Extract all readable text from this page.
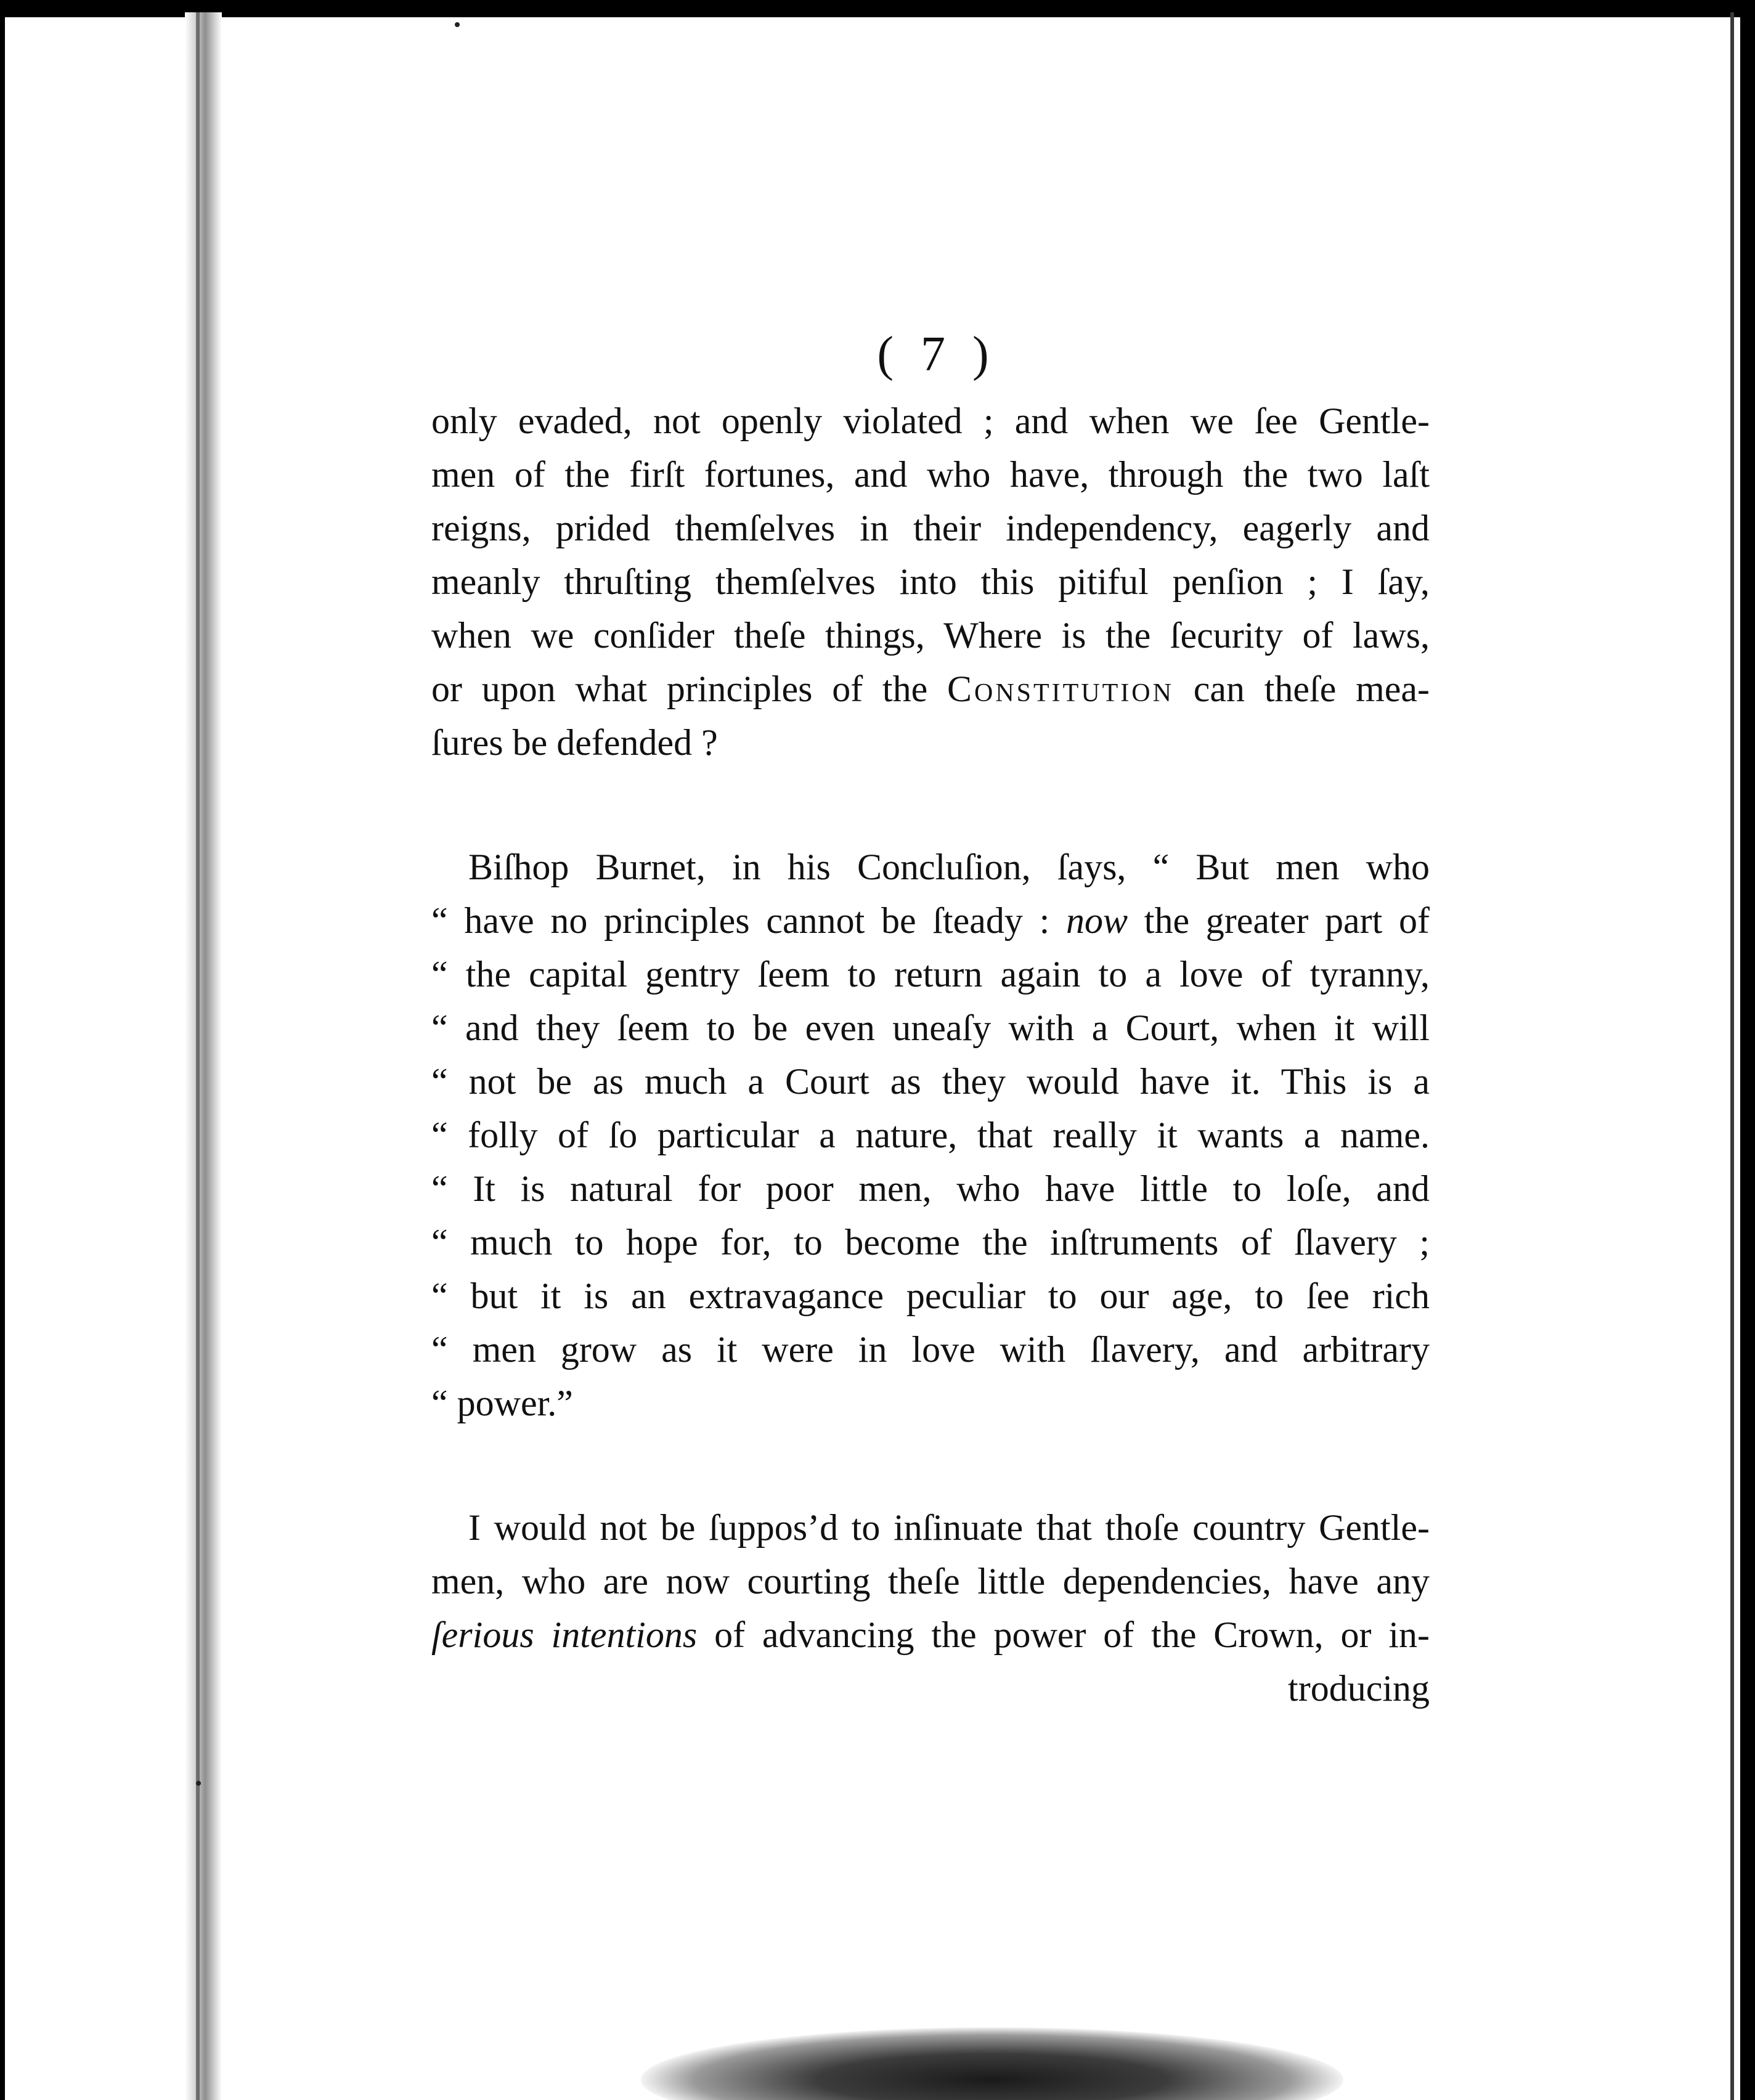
( 7 )
only evaded, not openly violated ; and when we ſee Gentle-
men of the firſt fortunes, and who have, through the two laſt
reigns, prided themſelves in their independency, eagerly and
meanly thruſting themſelves into this pitiful penſion ; I ſay,
when we conſider theſe things, Where is the ſecurity of laws,
or upon what principles of the Constitution can theſe mea-
ſures be defended ?
Biſhop Burnet, in his Concluſion, ſays, “ But men who
“ have no principles cannot be ſteady : now the greater part of
“ the capital gentry ſeem to return again to a love of tyranny,
“ and they ſeem to be even uneaſy with a Court, when it will
“ not be as much a Court as they would have it. This is a
“ folly of ſo particular a nature, that really it wants a name.
“ It is natural for poor men, who have little to loſe, and
“ much to hope for, to become the inſtruments of ſlavery ;
“ but it is an extravagance peculiar to our age, to ſee rich
“ men grow as it were in love with ſlavery, and arbitrary
“ power.”
I would not be ſuppos’d to inſinuate that thoſe country Gentle-
men, who are now courting theſe little dependencies, have any
ſerious intentions of advancing the power of the Crown, or in-
troducing
